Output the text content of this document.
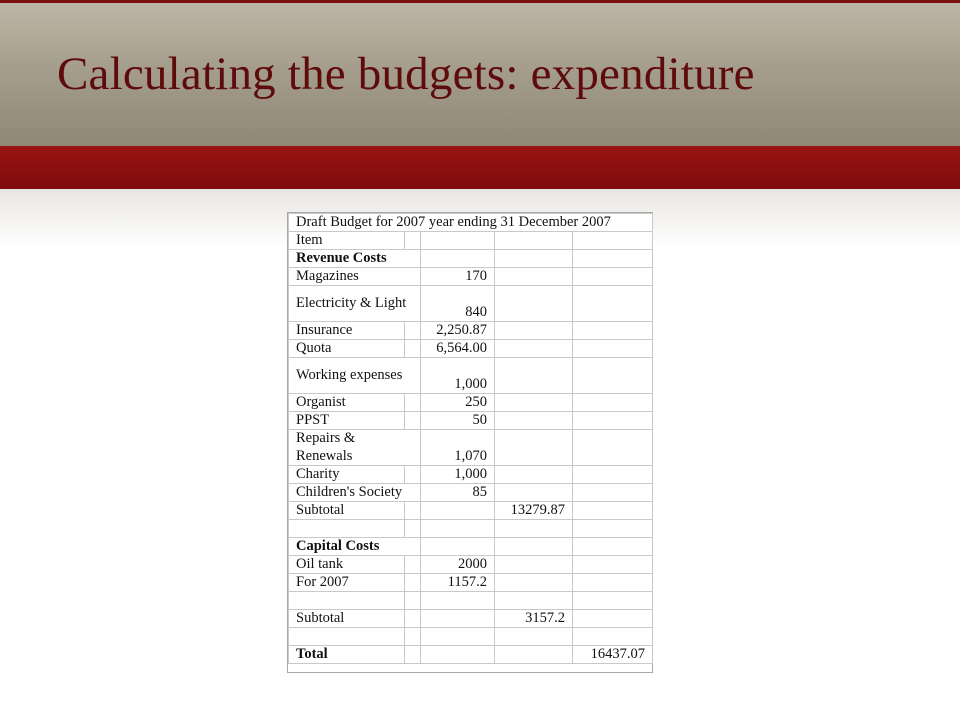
Calculating the budgets: expenditure
Draft Budget for 2007 year ending 31 December 2007				
Item				
Revenue Costs				
Magazines		170		
Electricity & Light		840		
Insurance		2,250.87		
Quota		6,564.00		
Working expenses		1,000		
Organist		250		
PPST		50		
Repairs & Renewals		1,070		
Charity		1,000		
Children's Society		85		
Subtotal			13279.87	

Capital Costs				
Oil tank		2000		
For 2007		1157.2		

Subtotal			3157.2	

Total				16437.07
